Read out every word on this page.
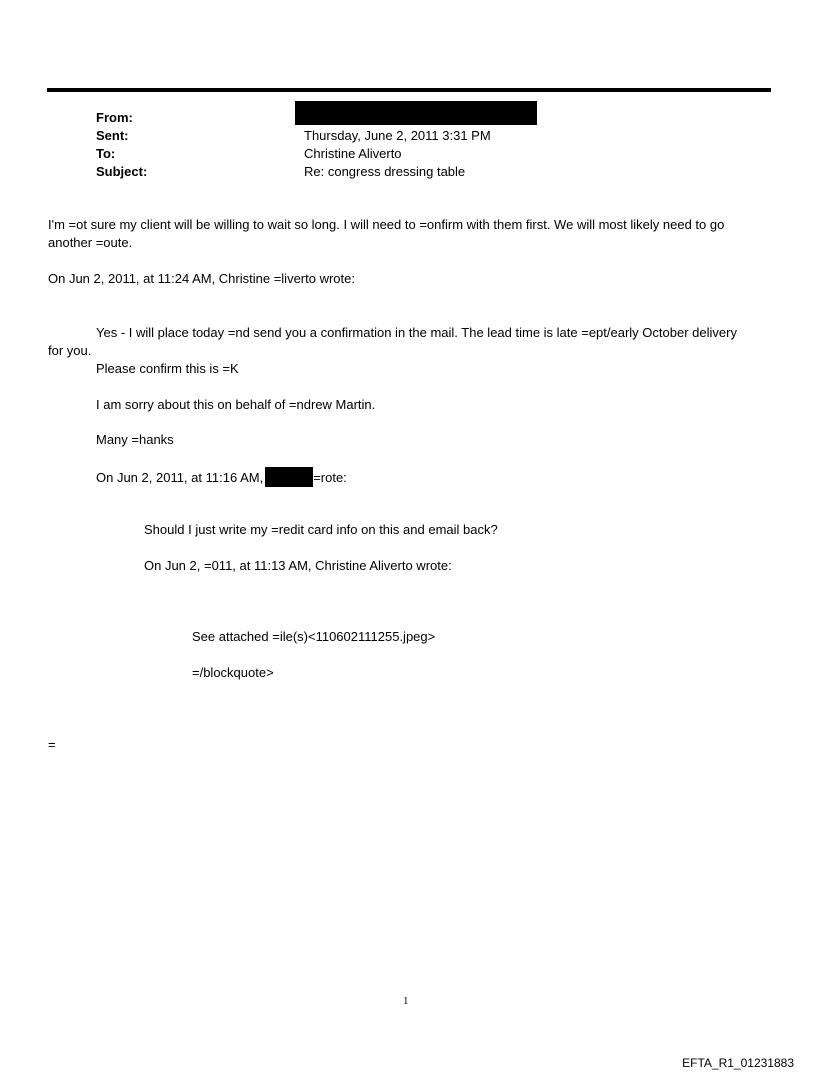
From:
Sent:	Thursday, June 2, 2011 3:31 PM
To:	Christine Aliverto
Subject:	Re: congress dressing table
I'm =ot sure my client will be willing to wait so long. I will need to =onfirm with them first. We will most likely need to go another =oute.
On Jun 2, 2011, at 11:24 AM, Christine =liverto wrote:
Yes - I will place today =nd send you a confirmation in the mail. The lead time is late =ept/early October delivery
for you.
Please confirm this is =K
I am sorry about this on behalf of =ndrew Martin.
Many =hanks
On Jun 2, 2011, at 11:16 AM,	=rote:
Should I just write my =redit card info on this and email back?
On Jun 2, =011, at 11:13 AM, Christine Aliverto wrote:
See attached =ile(s)<110602111255.jpeg>
=/blockquote>
=
1
EFTA_R1_01231883
